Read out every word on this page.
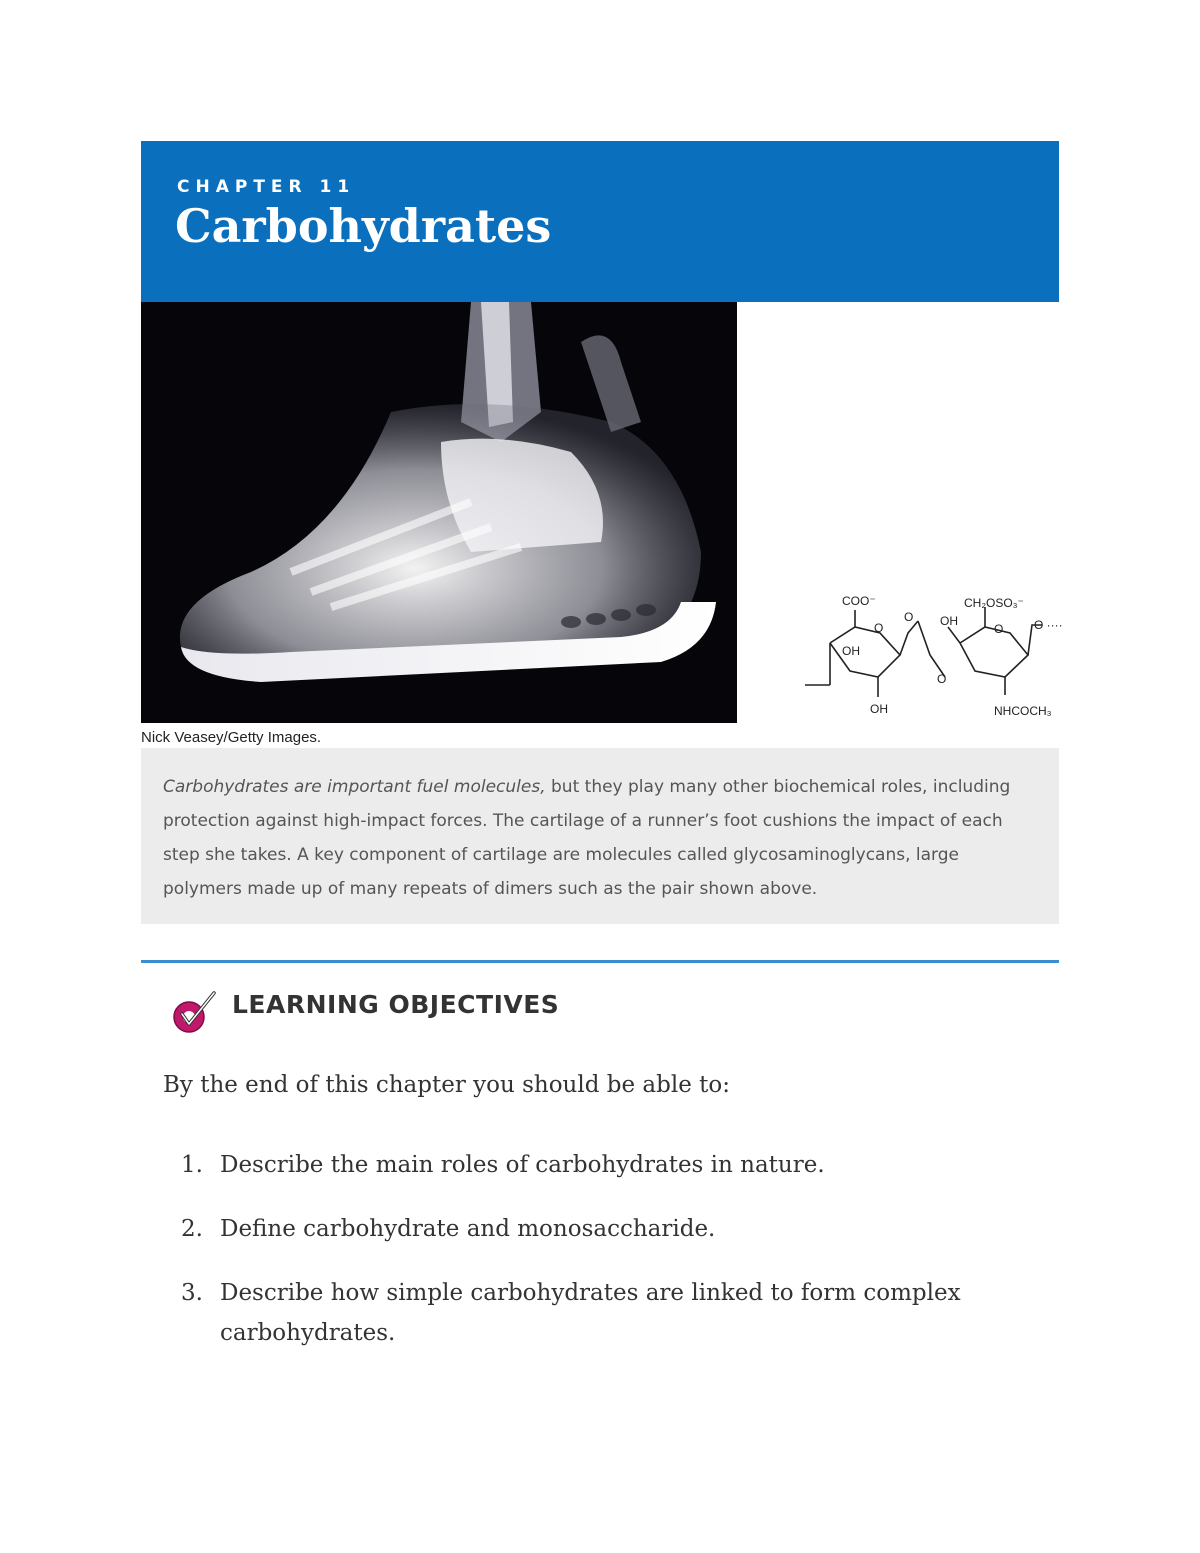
CHAPTER 11
Carbohydrates
Nick Veasey/Getty Images.
COO⁻	CH₂OSO₃⁻
OH
OH
OH
O
O
O
O
O ····
NHCOCH₃

Carbohydrates are important fuel molecules, but they play many other biochemical roles, including protection against high-impact forces. The cartilage of a runner’s foot cushions the impact of each step she takes. A key component of cartilage are molecules called glycosaminoglycans, large polymers made up of many repeats of dimers such as the pair shown above.

LEARNING OBJECTIVES
By the end of this chapter you should be able to:
1. Describe the main roles of carbohydrates in nature.
2. Define carbohydrate and monosaccharide.
3. Describe how simple carbohydrates are linked to form complex carbohydrates.
